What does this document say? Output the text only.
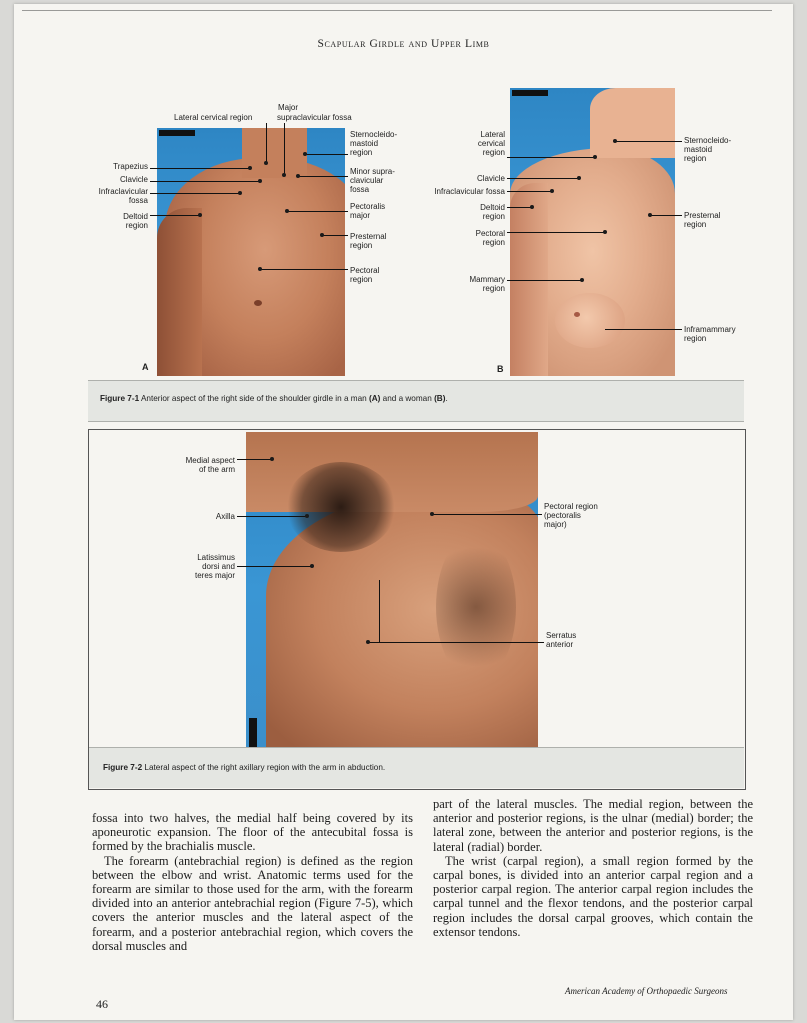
Scapular Girdle and Upper Limb
Major
supraclavicular fossa
Lateral cervical region
Sternocleido-
mastoid
region
Minor supra-
clavicular
fossa
Pectoralis
major
Presternal
region
Pectoral
region
Trapezius
Clavicle
Infraclavicular
fossa
Deltoid
region
A
Lateral
cervical
region
Clavicle
Infraclavicular fossa
Deltoid
region
Pectoral
region
Mammary
region
Sternocleido-
mastoid
region
Presternal
region
Inframammary
region
B
Figure 7-1 Anterior aspect of the right side of the shoulder girdle in a man (A) and a woman (B).
Medial aspect
of the arm
Axilla
Latissimus
dorsi and
teres major
Pectoral region
(pectoralis
major)
Serratus
anterior
Figure 7-2 Lateral aspect of the right axillary region with the arm in abduction.

fossa into two halves, the medial half being covered by its aponeurotic expansion. The floor of the antecubital fossa is formed by the brachialis muscle.

The forearm (antebrachial region) is defined as the region between the elbow and wrist. Anatomic terms used for the forearm are similar to those used for the arm, with the forearm divided into an anterior antebrachial region (Figure 7-5), which covers the anterior muscles and the lateral aspect of the forearm, and a posterior antebrachial region, which covers the dorsal muscles and

part of the lateral muscles. The medial region, between the anterior and posterior regions, is the ulnar (medial) border; the lateral zone, between the anterior and posterior regions, is the lateral (radial) border.

The wrist (carpal region), a small region formed by the carpal bones, is divided into an anterior carpal region and a posterior carpal region. The anterior carpal region includes the carpal tunnel and the flexor tendons, and the posterior carpal region includes the dorsal carpal grooves, which contain the extensor tendons.

46
American Academy of Orthopaedic Surgeons
